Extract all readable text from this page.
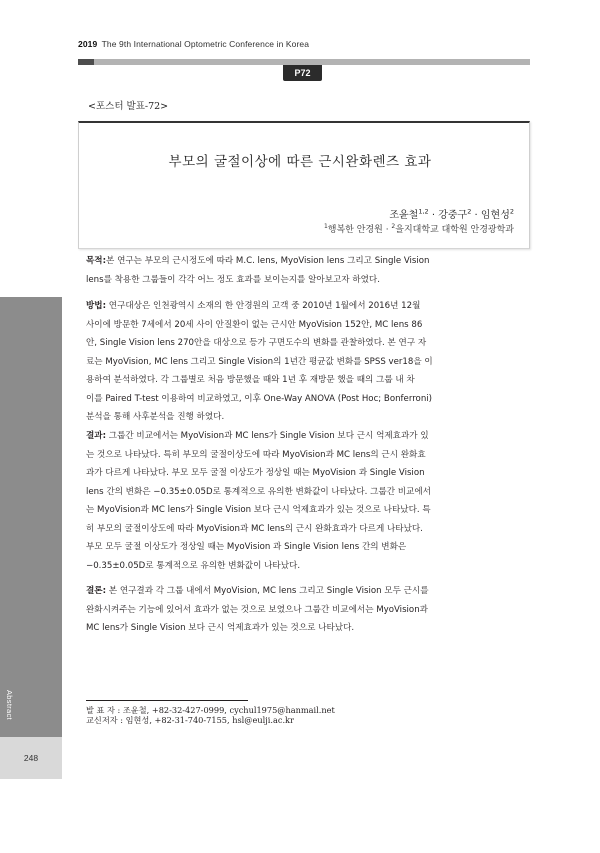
2019 The 9th International Optometric Conference in Korea
P72
<포스터 발표-72>
부모의 굴절이상에 따른 근시완화렌즈 효과
조윤철$^{1,2}$ · 강중구$^2$ · 임현성$^2$
$^1$행복한 안경원 · $^2$을지대학교 대학원 안경광학과
목적:본 연구는 부모의 근시정도에 따라 M.C. lens, MyoVision lens 그리고 Single Vision
lens를 착용한 그룹들이 각각 어느 정도 효과를 보이는지를 알아보고자 하였다.
방법: 연구대상은 인천광역시 소재의 한 안경원의 고객 중 2010년 1월에서 2016년 12월
사이에 방문한 7세에서 20세 사이 안질환이 없는 근시안 MyoVision 152안, MC lens 86
안, Single Vision lens 270안을 대상으로 등가 구면도수의 변화를 관찰하였다. 본 연구 자
료는 MyoVision, MC lens 그리고 Single Vision의 1년간 평균값 변화를 SPSS ver18을 이
용하여 분석하였다. 각 그룹별로 처음 방문했을 때와 1년 후 재방문 했을 때의 그룹 내 차
이를 Paired T-test 이용하여 비교하였고, 이후 One-Way ANOVA (Post Hoc; Bonferroni)
분석을 통해 사후분석을 진행 하였다.
결과: 그룹간 비교에서는 MyoVision과 MC lens가 Single Vision 보다 근시 억제효과가 있
는 것으로 나타났다. 특히 부모의 굴절이상도에 따라 MyoVision과 MC lens의 근시 완화효
과가 다르게 나타났다. 부모 모두 굴절 이상도가 정상일 때는 MyoVision 과 Single Vision
lens 간의 변화은 −0.35±0.05D로 통계적으로 유의한 변화값이 나타났다. 그룹간 비교에서
는 MyoVision과 MC lens가 Single Vision 보다 근시 억제효과가 있는 것으로 나타났다. 특
히 부모의 굴절이상도에 따라 MyoVision과 MC lens의 근시 완화효과가 다르게 나타났다.
부모 모두 굴절 이상도가 정상일 때는 MyoVision 과 Single Vision lens 간의 변화은
−0.35±0.05D로 통계적으로 유의한 변화값이 나타났다.
결론: 본 연구결과 각 그룹 내에서 MyoVision, MC lens 그리고 Single Vision 모두 근시를
완화시켜주는 기능에 있어서 효과가 없는 것으로 보였으나 그룹간 비교에서는 MyoVision과
MC lens가 Single Vision 보다 근시 억제효과가 있는 것으로 나타났다.
Abstract
248
발 표 자 : 조윤철, +82-32-427-0999, cychul1975@hanmail.net
교신저자 : 임현성, +82-31-740-7155, hsl@eulji.ac.kr
